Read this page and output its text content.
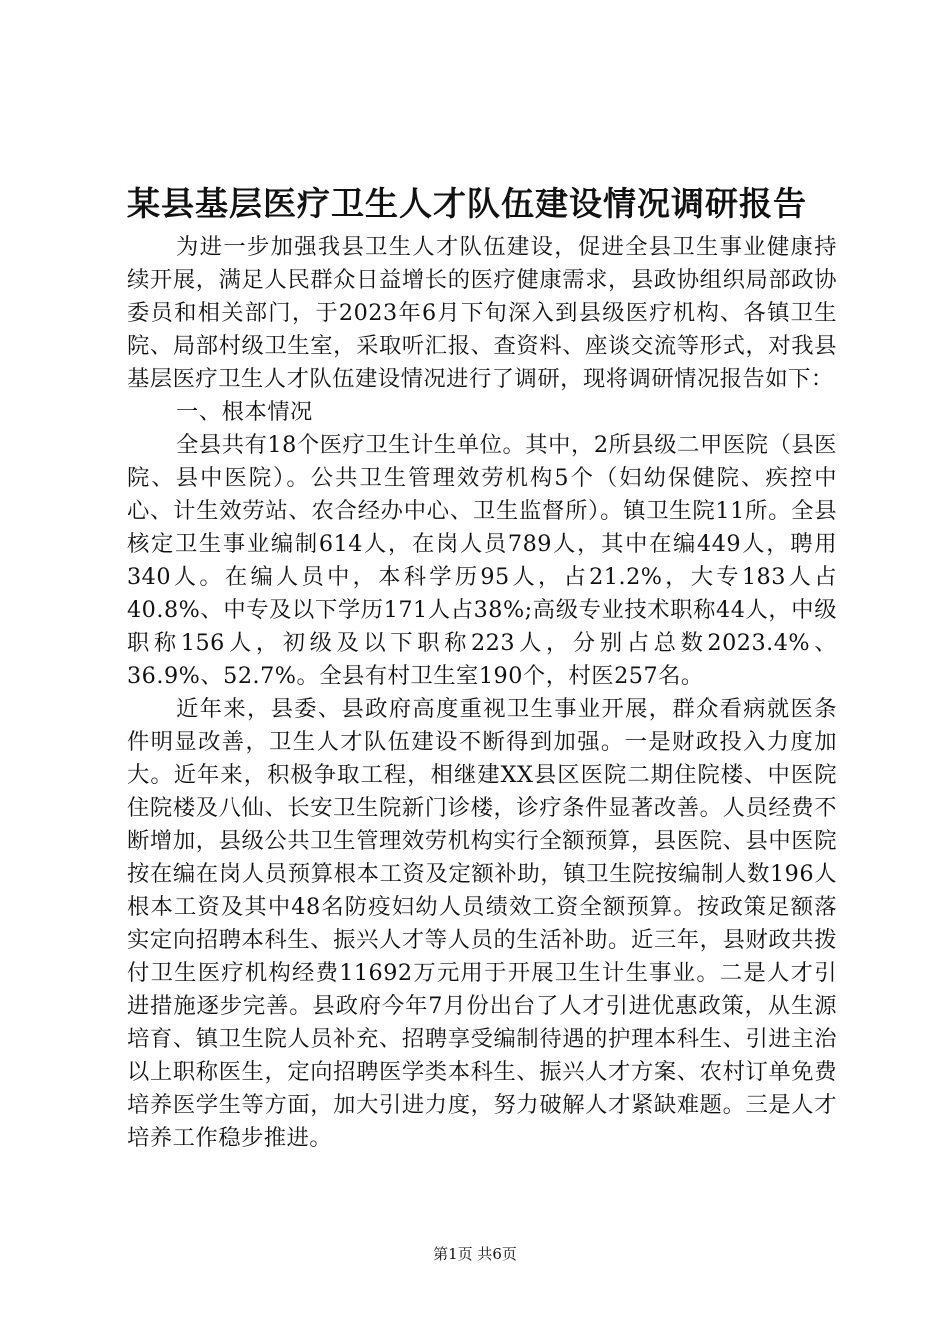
某县基层医疗卫生人才队伍建设情况调研报告

为进一步加强我县卫生人才队伍建设，促进全县卫生事业健康持续开展，满足人民群众日益增长的医疗健康需求，县政协组织局部政协委员和相关部门，于2023年6月下旬深入到县级医疗机构、各镇卫生院、局部村级卫生室，采取听汇报、查资料、座谈交流等形式，对我县基层医疗卫生人才队伍建设情况进行了调研，现将调研情况报告如下：

一、根本情况

全县共有18个医疗卫生计生单位。其中，2所县级二甲医院（县医院、县中医院）。公共卫生管理效劳机构5个（妇幼保健院、疾控中心、计生效劳站、农合经办中心、卫生监督所）。镇卫生院11所。全县核定卫生事业编制614人，在岗人员789人，其中在编449人，聘用340人。在编人员中，本科学历95人，占21.2%，大专183人占40.8%、中专及以下学历171人占38%;高级专业技术职称44人，中级职称156人，初级及以下职称223人，分别占总数2023.4%、36.9%、52.7%。全县有村卫生室190个，村医257名。

近年来，县委、县政府高度重视卫生事业开展，群众看病就医条件明显改善，卫生人才队伍建设不断得到加强。一是财政投入力度加大。近年来，积极争取工程，相继建XX县区医院二期住院楼、中医院住院楼及八仙、长安卫生院新门诊楼，诊疗条件显著改善。人员经费不断增加，县级公共卫生管理效劳机构实行全额预算，县医院、县中医院按在编在岗人员预算根本工资及定额补助，镇卫生院按编制人数196人根本工资及其中48名防疫妇幼人员绩效工资全额预算。按政策足额落实定向招聘本科生、振兴人才等人员的生活补助。近三年，县财政共拨付卫生医疗机构经费11692万元用于开展卫生计生事业。二是人才引进措施逐步完善。县政府今年7月份出台了人才引进优惠政策，从生源培育、镇卫生院人员补充、招聘享受编制待遇的护理本科生、引进主治以上职称医生，定向招聘医学类本科生、振兴人才方案、农村订单免费培养医学生等方面，加大引进力度，努力破解人才紧缺难题。三是人才培养工作稳步推进。

第1页 共6页
